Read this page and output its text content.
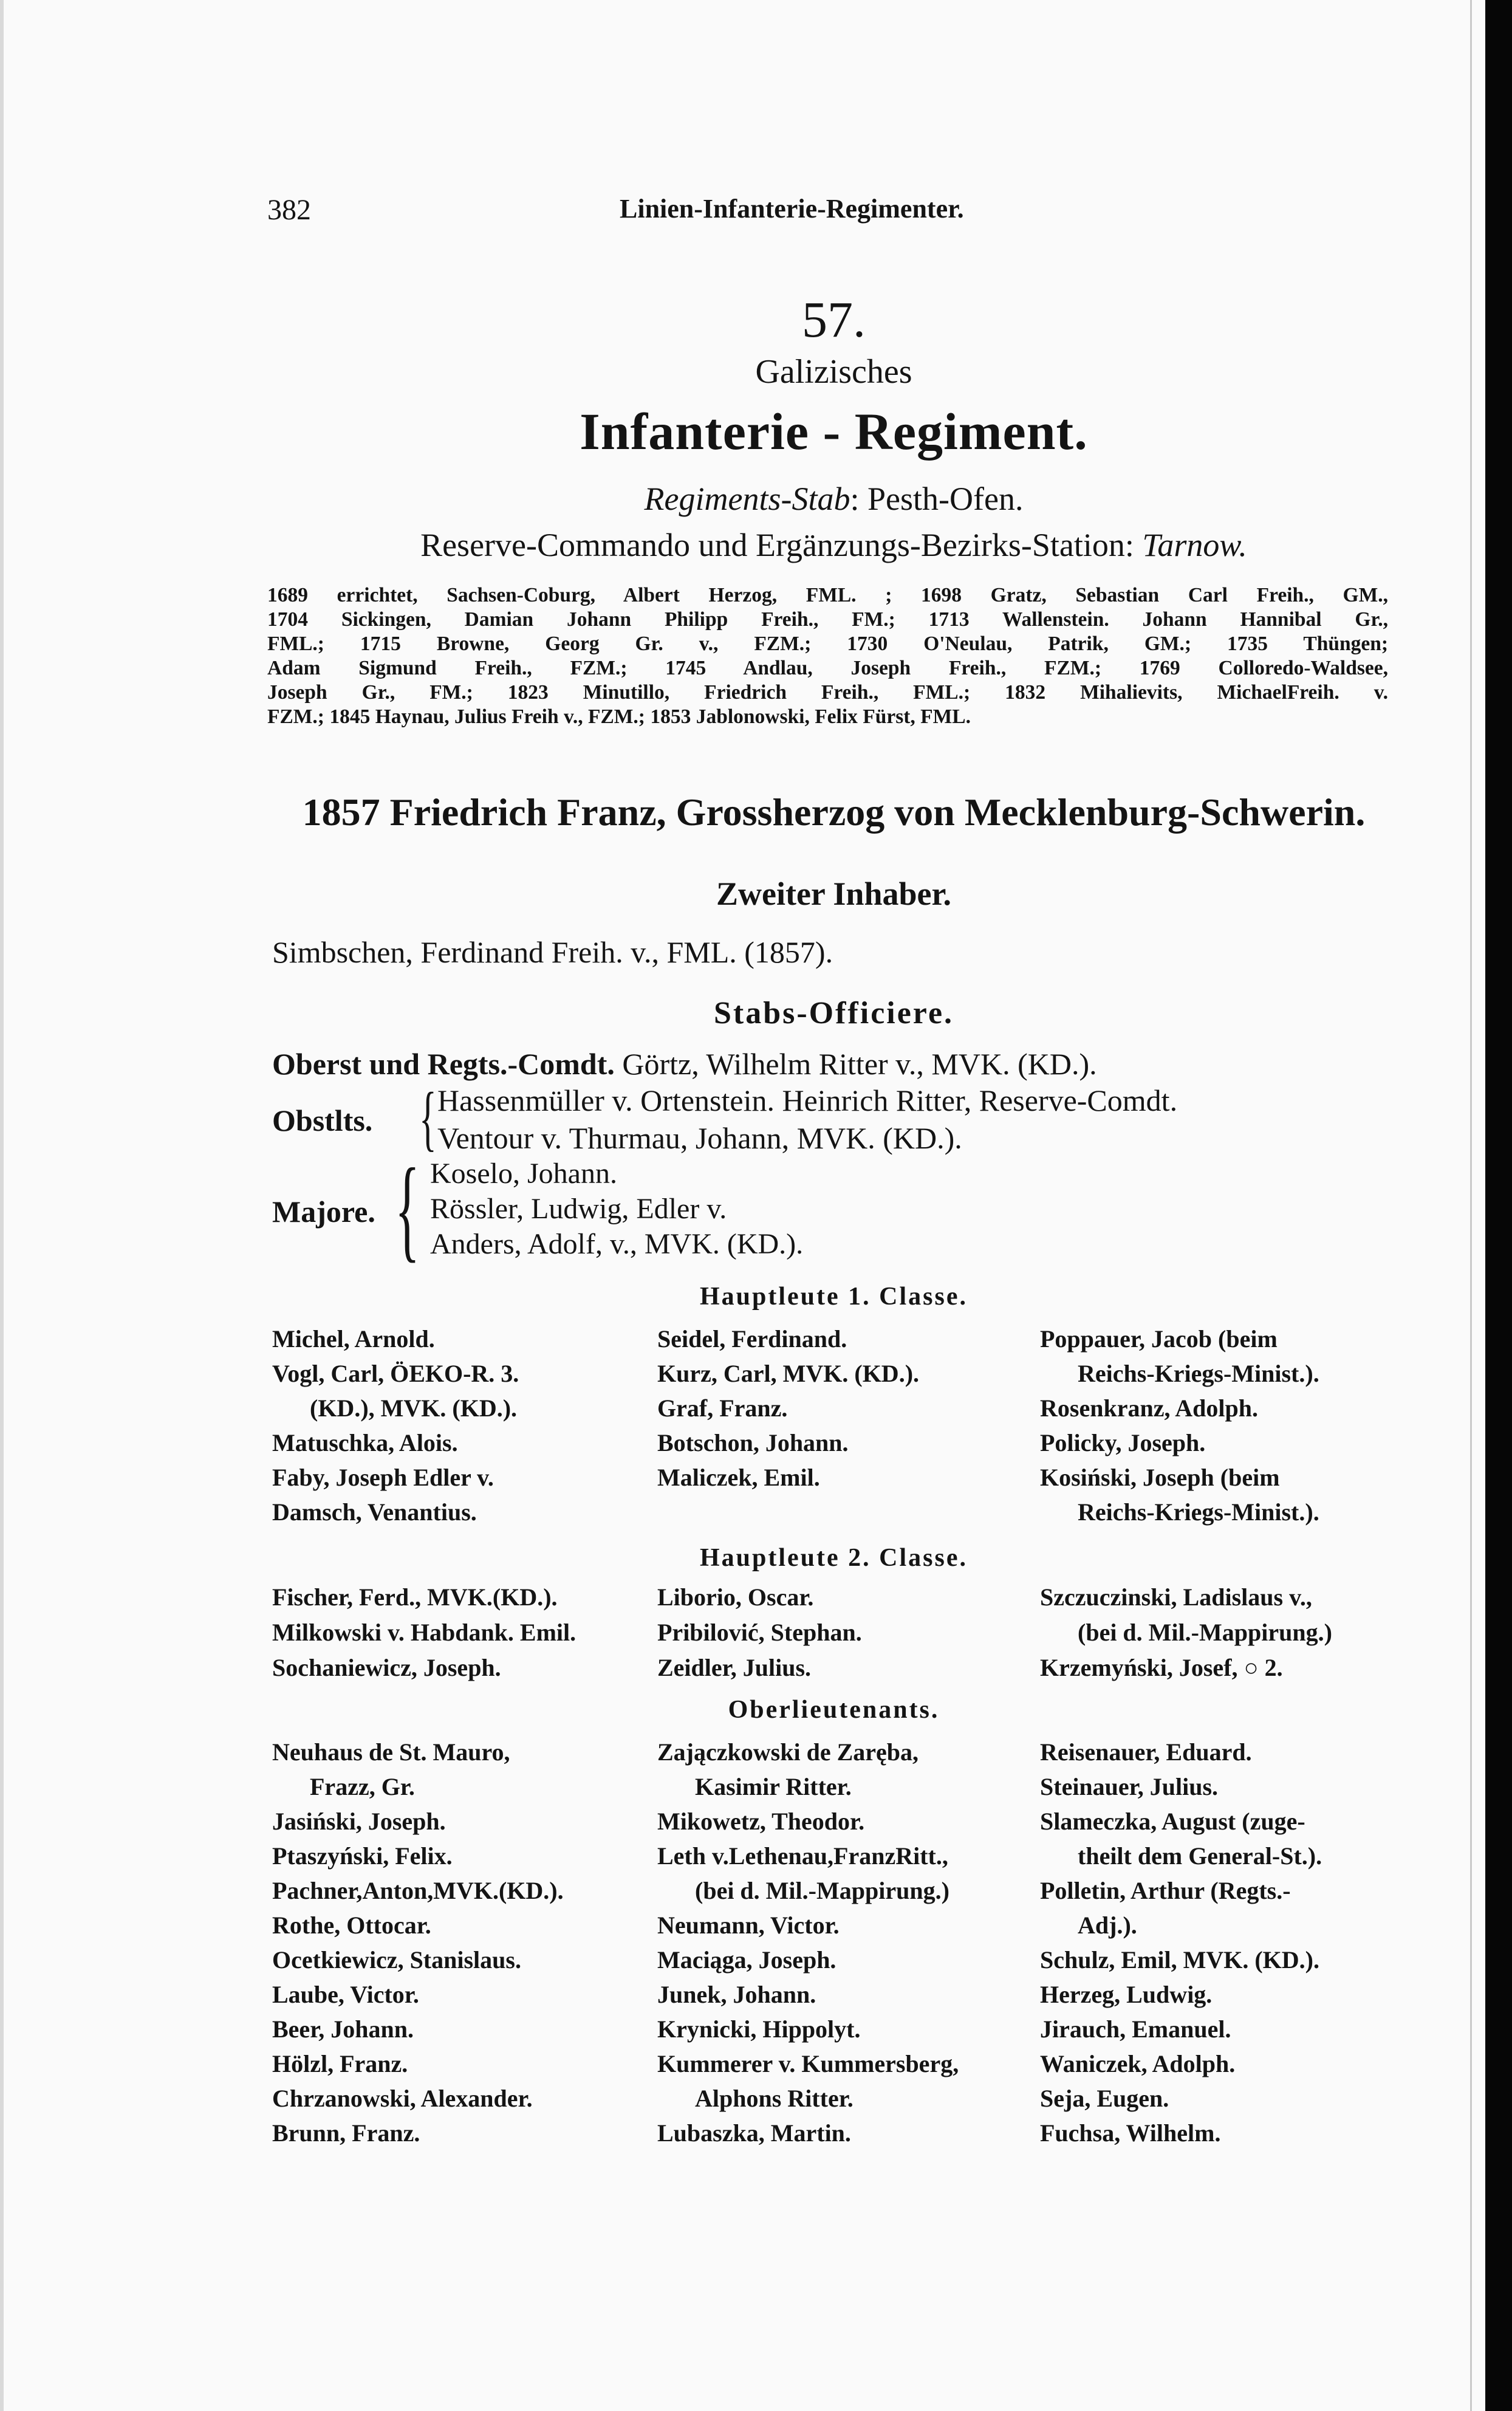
382	Linien-Infanterie-Regimenter.
57.
Galizisches
Infanterie - Regiment.
Regiments-Stab: Pesth-Ofen.
Reserve-Commando und Ergänzungs-Bezirks-Station: Tarnow.
1689 errichtet, Sachsen-Coburg, Albert Herzog, FML. ; 1698 Gratz, Sebastian Carl Freih., GM.,
1704 Sickingen, Damian Johann Philipp Freih., FM.; 1713 Wallenstein. Johann Hannibal Gr.,
FML.; 1715 Browne, Georg Gr. v., FZM.; 1730 O'Neulau, Patrik, GM.; 1735 Thüngen;
Adam Sigmund Freih., FZM.; 1745 Andlau, Joseph Freih., FZM.; 1769 Colloredo-Waldsee,
Joseph Gr., FM.; 1823 Minutillo, Friedrich Freih., FML.; 1832 Mihalievits, MichaelFreih. v.
FZM.; 1845 Haynau, Julius Freih v., FZM.; 1853 Jablonowski, Felix Fürst, FML.
1857 Friedrich Franz, Grossherzog von Mecklenburg-Schwerin.
Zweiter Inhaber.
Simbschen, Ferdinand Freih. v., FML. (1857).
Stabs-Officiere.
Oberst und Regts.-Comdt. Görtz, Wilhelm Ritter v., MVK. (KD.).
Obstlts. { Hassenmüller v. Ortenstein. Heinrich Ritter, Reserve-Comdt.
Ventour v. Thurmau, Johann, MVK. (KD.).
Majore. { Koselo, Johann.
Rössler, Ludwig, Edler v.
Anders, Adolf, v., MVK. (KD.).
Hauptleute 1. Classe.
Michel, Arnold.
Vogl, Carl, ÖEKO-R. 3.
(KD.), MVK. (KD.).
Matuschka, Alois.
Faby, Joseph Edler v.
Damsch, Venantius.
Seidel, Ferdinand.
Kurz, Carl, MVK. (KD.).
Graf, Franz.
Botschon, Johann.
Maliczek, Emil.
Poppauer, Jacob (beim
Reichs-Kriegs-Minist.).
Rosenkranz, Adolph.
Policky, Joseph.
Kosiński, Joseph (beim
Reichs-Kriegs-Minist.).
Hauptleute 2. Classe.
Fischer, Ferd., MVK.(KD.).
Milkowski v. Habdank. Emil.
Sochaniewicz, Joseph.
Liborio, Oscar.
Pribilović, Stephan.
Zeidler, Julius.
Szczuczinski, Ladislaus v.,
(bei d. Mil.-Mappirung.)
Krzemyński, Josef, ○ 2.
Oberlieutenants.
Neuhaus de St. Mauro,
Frazz, Gr.
Jasiński, Joseph.
Ptaszyński, Felix.
Pachner,Anton,MVK.(KD.).
Rothe, Ottocar.
Ocetkiewicz, Stanislaus.
Laube, Victor.
Beer, Johann.
Hölzl, Franz.
Chrzanowski, Alexander.
Brunn, Franz.
Zajączkowski de Zaręba,
Kasimir Ritter.
Mikowetz, Theodor.
Leth v.Lethenau,FranzRitt.,
(bei d. Mil.-Mappirung.)
Neumann, Victor.
Maciąga, Joseph.
Junek, Johann.
Krynicki, Hippolyt.
Kummerer v. Kummersberg,
Alphons Ritter.
Lubaszka, Martin.
Reisenauer, Eduard.
Steinauer, Julius.
Slameczka, August (zuge-
theilt dem General-St.).
Polletin, Arthur (Regts.-
Adj.).
Schulz, Emil, MVK. (KD.).
Herzeg, Ludwig.
Jirauch, Emanuel.
Waniczek, Adolph.
Seja, Eugen.
Fuchsa, Wilhelm.
